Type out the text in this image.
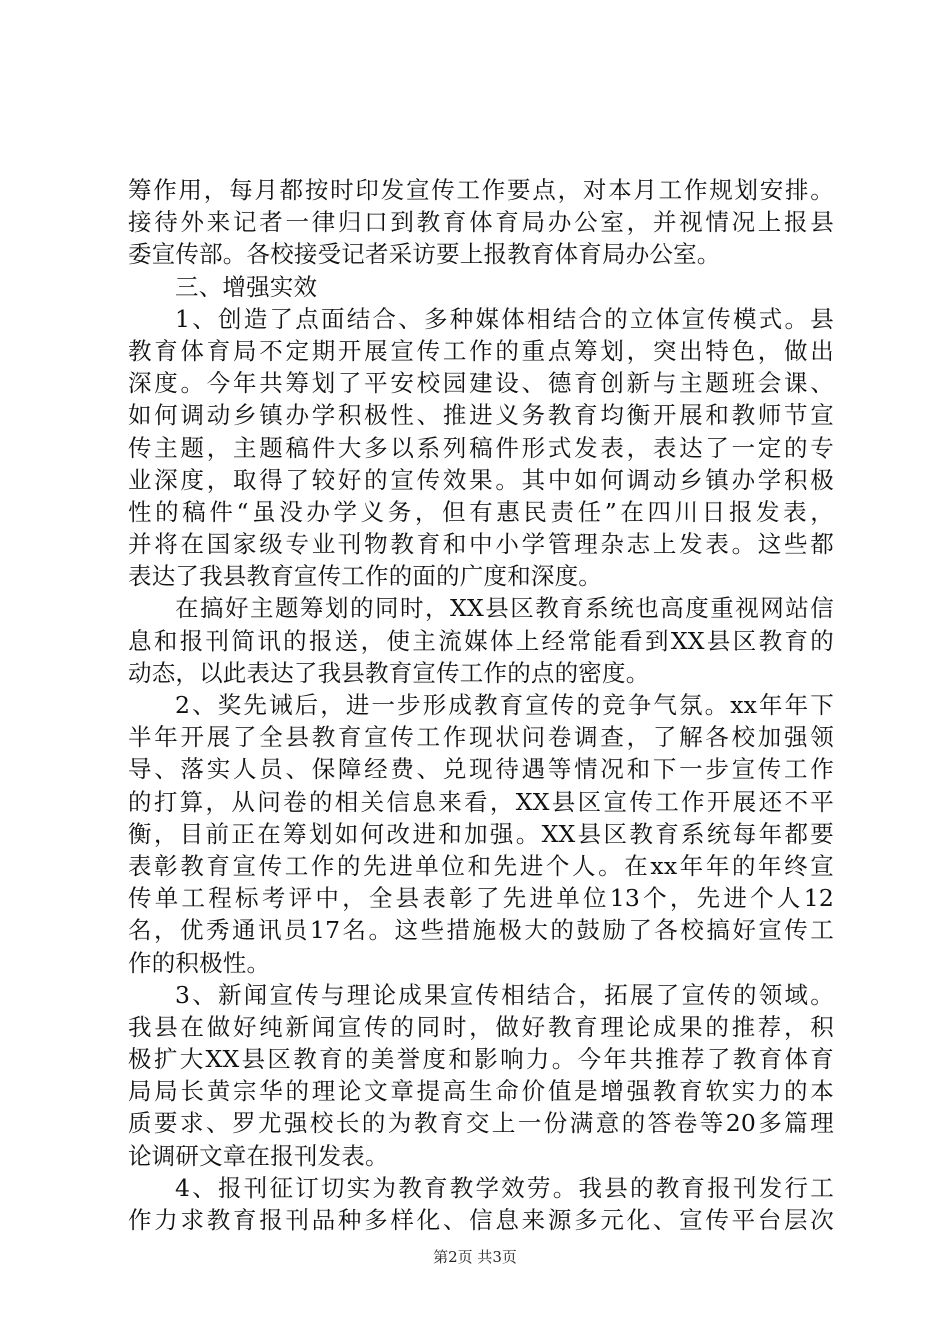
筹作用，每月都按时印发宣传工作要点，对本月工作规划安排。
接待外来记者一律归口到教育体育局办公室，并视情况上报县
委宣传部。各校接受记者采访要上报教育体育局办公室。
三、增强实效
1、创造了点面结合、多种媒体相结合的立体宣传模式。县
教育体育局不定期开展宣传工作的重点筹划，突出特色，做出
深度。今年共筹划了平安校园建设、德育创新与主题班会课、
如何调动乡镇办学积极性、推进义务教育均衡开展和教师节宣
传主题，主题稿件大多以系列稿件形式发表，表达了一定的专
业深度，取得了较好的宣传效果。其中如何调动乡镇办学积极
性的稿件“虽没办学义务，但有惠民责任”在四川日报发表，
并将在国家级专业刊物教育和中小学管理杂志上发表。这些都
表达了我县教育宣传工作的面的广度和深度。
在搞好主题筹划的同时，XX县区教育系统也高度重视网站信
息和报刊简讯的报送，使主流媒体上经常能看到XX县区教育的
动态，以此表达了我县教育宣传工作的点的密度。
2、奖先诫后，进一步形成教育宣传的竞争气氛。xx年年下
半年开展了全县教育宣传工作现状问卷调查，了解各校加强领
导、落实人员、保障经费、兑现待遇等情况和下一步宣传工作
的打算，从问卷的相关信息来看，XX县区宣传工作开展还不平
衡，目前正在筹划如何改进和加强。XX县区教育系统每年都要
表彰教育宣传工作的先进单位和先进个人。在xx年年的年终宣
传单工程标考评中，全县表彰了先进单位13个，先进个人12
名，优秀通讯员17名。这些措施极大的鼓励了各校搞好宣传工
作的积极性。
3、新闻宣传与理论成果宣传相结合，拓展了宣传的领域。
我县在做好纯新闻宣传的同时，做好教育理论成果的推荐，积
极扩大XX县区教育的美誉度和影响力。今年共推荐了教育体育
局局长黄宗华的理论文章提高生命价值是增强教育软实力的本
质要求、罗尤强校长的为教育交上一份满意的答卷等20多篇理
论调研文章在报刊发表。
4、报刊征订切实为教育教学效劳。我县的教育报刊发行工
作力求教育报刊品种多样化、信息来源多元化、宣传平台层次
第2页 共3页
